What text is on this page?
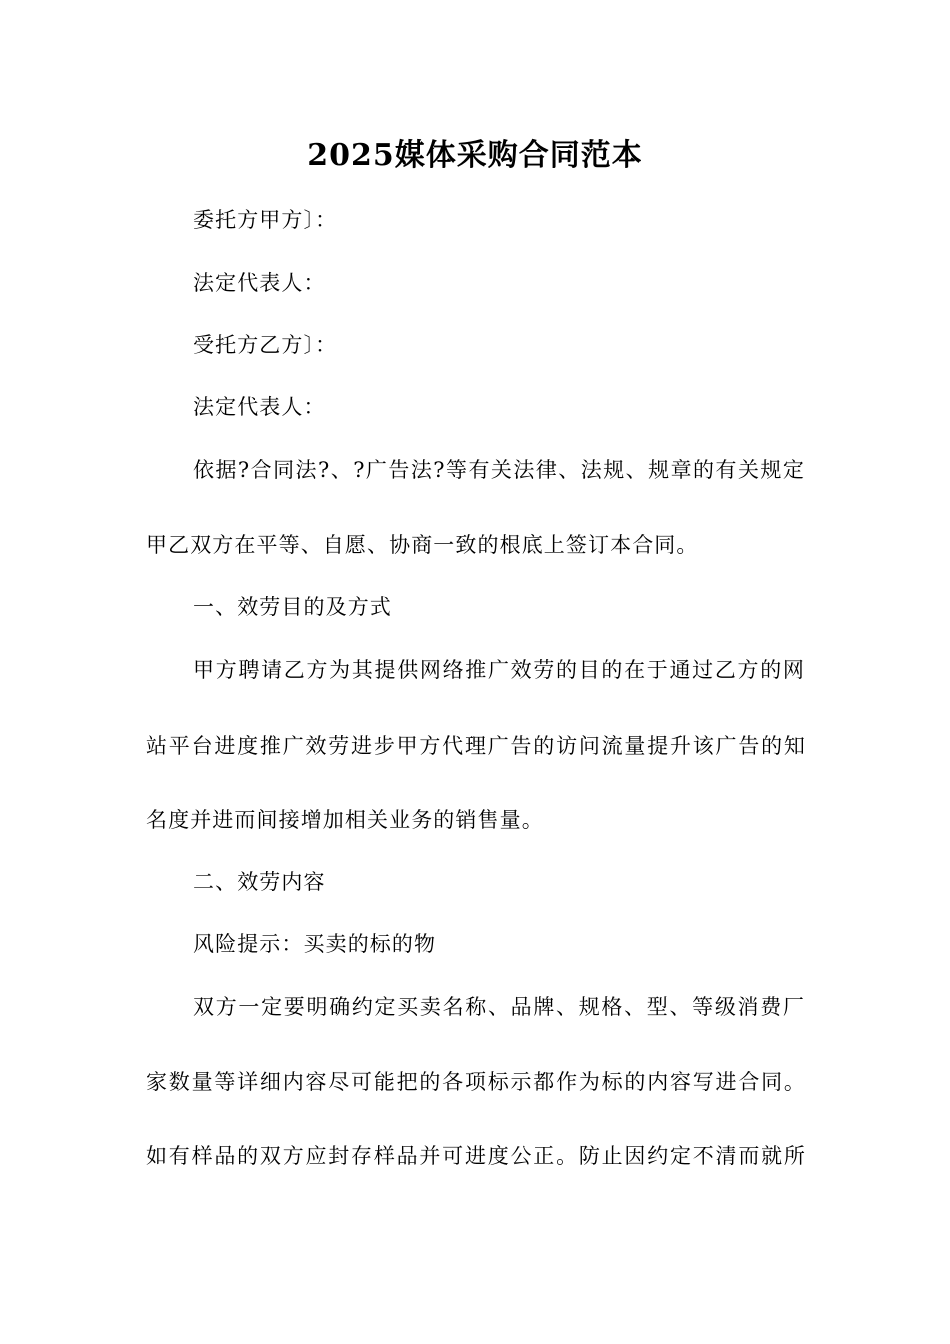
2025媒体采购合同范本
委托方甲方〕：
法定代表人：
受托方乙方〕：
法定代表人：
依据?合同法?、?广告法?等有关法律、法规、规章的有关规定
甲乙双方在平等、自愿、协商一致的根底上签订本合同。
一、效劳目的及方式
甲方聘请乙方为其提供网络推广效劳的目的在于通过乙方的网
站平台进度推广效劳进步甲方代理广告的访问流量提升该广告的知
名度并进而间接增加相关业务的销售量。
二、效劳内容
风险提示：买卖的标的物
双方一定要明确约定买卖名称、品牌、规格、型、等级消费厂
家数量等详细内容尽可能把的各项标示都作为标的内容写进合同。
如有样品的双方应封存样品并可进度公正。防止因约定不清而就所
